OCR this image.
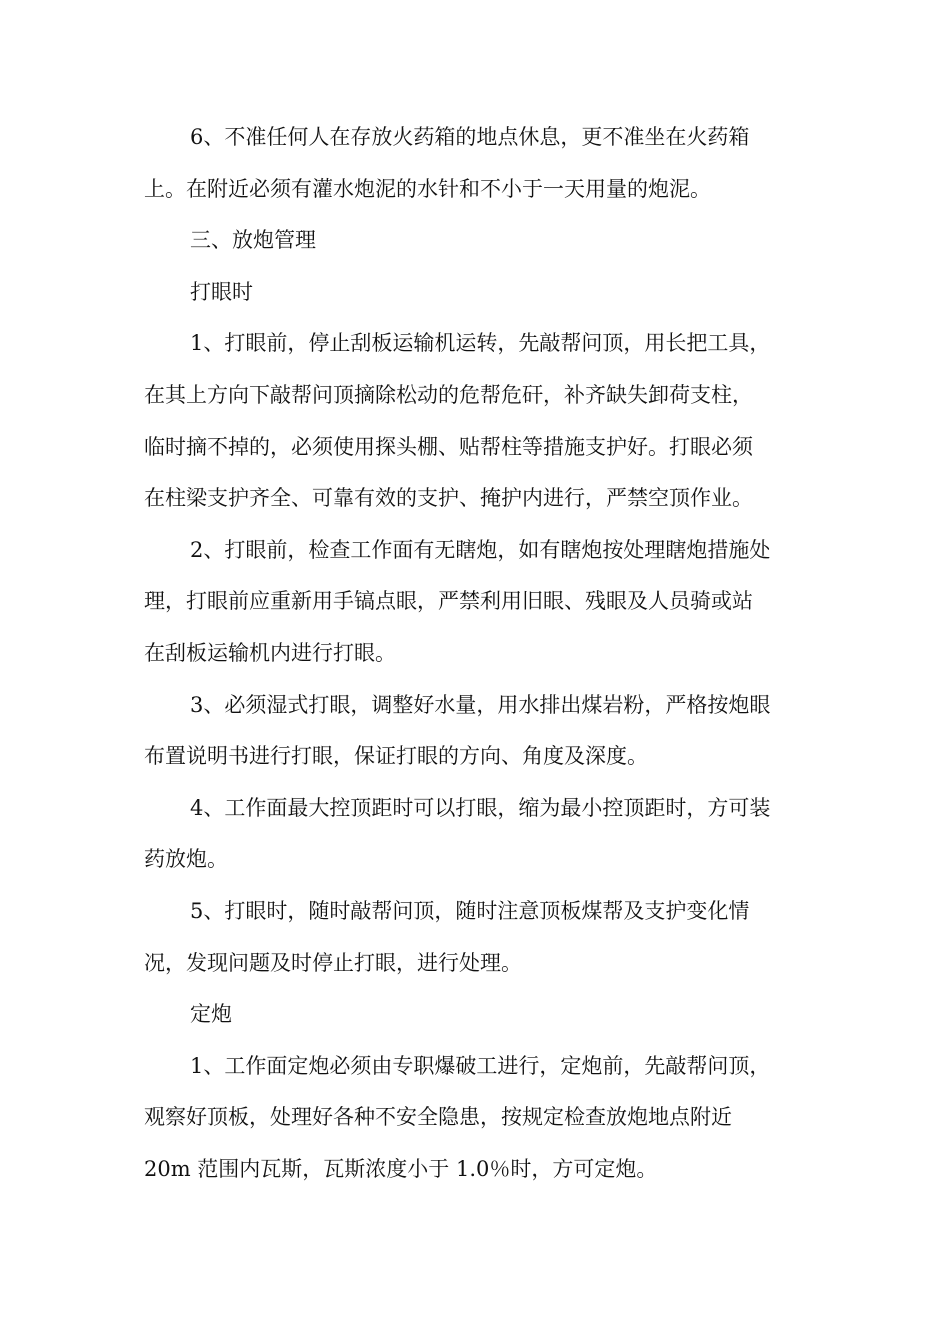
6、不准任何人在存放火药箱的地点休息，更不准坐在火药箱
上。在附近必须有灌水炮泥的水针和不小于一天用量的炮泥。
三、放炮管理
打眼时
1、打眼前，停止刮板运输机运转，先敲帮问顶，用长把工具，
在其上方向下敲帮问顶摘除松动的危帮危矸，补齐缺失卸荷支柱，
临时摘不掉的，必须使用探头棚、贴帮柱等措施支护好。打眼必须
在柱梁支护齐全、可靠有效的支护、掩护内进行，严禁空顶作业。
2、打眼前，检查工作面有无瞎炮，如有瞎炮按处理瞎炮措施处
理，打眼前应重新用手镐点眼，严禁利用旧眼、残眼及人员骑或站
在刮板运输机内进行打眼。
3、必须湿式打眼，调整好水量，用水排出煤岩粉，严格按炮眼
布置说明书进行打眼，保证打眼的方向、角度及深度。
4、工作面最大控顶距时可以打眼，缩为最小控顶距时，方可装
药放炮。
5、打眼时，随时敲帮问顶，随时注意顶板煤帮及支护变化情
况，发现问题及时停止打眼，进行处理。
定炮
1、工作面定炮必须由专职爆破工进行，定炮前，先敲帮问顶，
观察好顶板，处理好各种不安全隐患，按规定检查放炮地点附近
20m 范围内瓦斯，瓦斯浓度小于 1.0％时，方可定炮。
